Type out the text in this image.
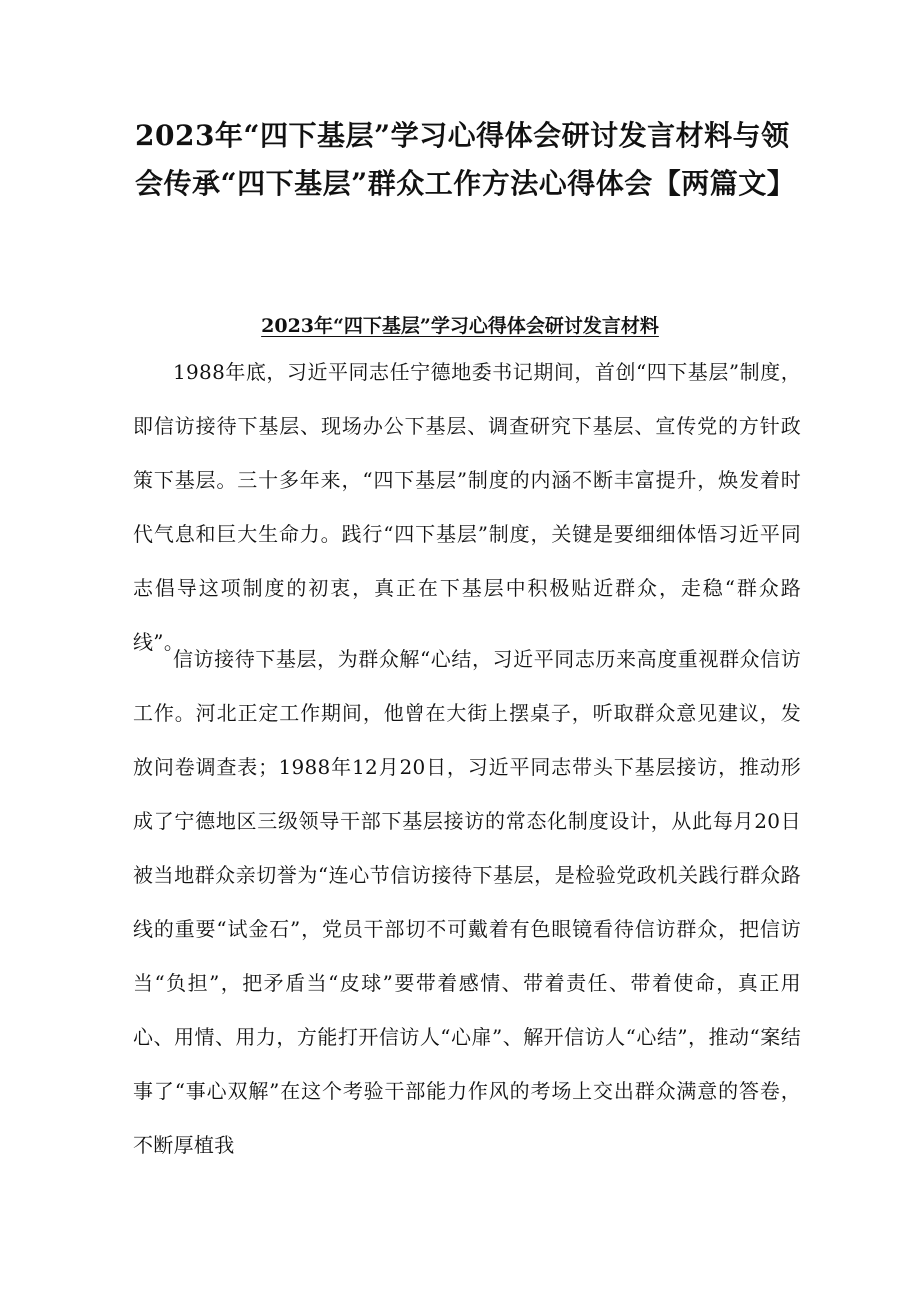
2023年“四下基层”学习心得体会研讨发言材料与领会传承“四下基层”群众工作方法心得体会【两篇文】
2023年“四下基层”学习心得体会研讨发言材料

1988年底，习近平同志任宁德地委书记期间，首创“四下基层”制度，即信访接待下基层、现场办公下基层、调查研究下基层、宣传党的方针政策下基层。三十多年来，“四下基层”制度的内涵不断丰富提升，焕发着时代气息和巨大生命力。践行“四下基层”制度，关键是要细细体悟习近平同志倡导这项制度的初衷，真正在下基层中积极贴近群众，走稳“群众路线”。

信访接待下基层，为群众解“心结，习近平同志历来高度重视群众信访工作。河北正定工作期间，他曾在大街上摆桌子，听取群众意见建议，发放问卷调查表；1988年12月20日，习近平同志带头下基层接访，推动形成了宁德地区三级领导干部下基层接访的常态化制度设计，从此每月20日被当地群众亲切誉为“连心节信访接待下基层，是检验党政机关践行群众路线的重要“试金石”，党员干部切不可戴着有色眼镜看待信访群众，把信访当“负担”，把矛盾当“皮球”要带着感情、带着责任、带着使命，真正用心、用情、用力，方能打开信访人“心扉”、解开信访人“心结”，推动“案结事了“事心双解”在这个考验干部能力作风的考场上交出群众满意的答卷，不断厚植我
